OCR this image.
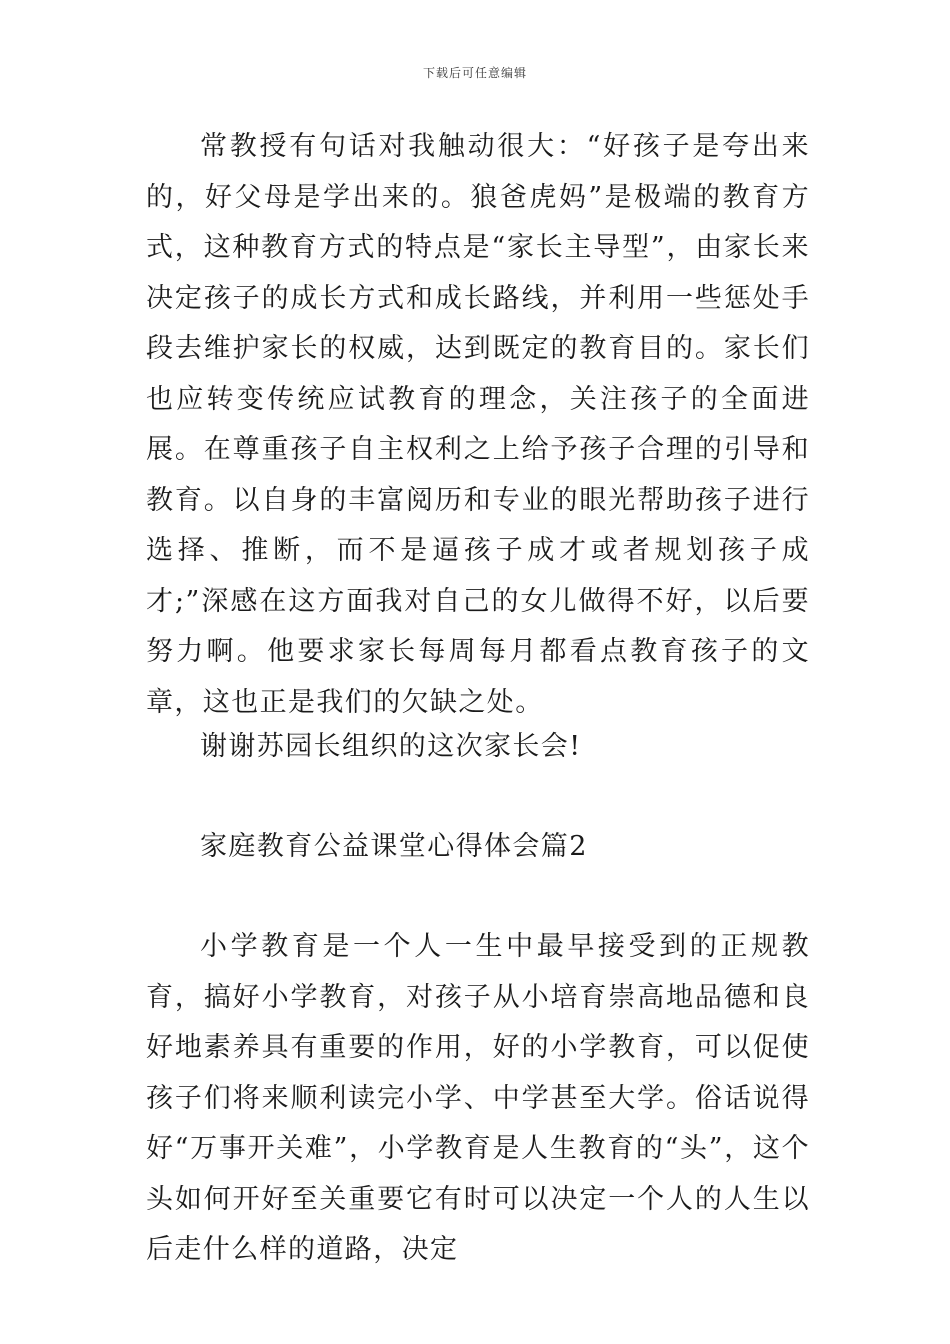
下载后可任意编辑

常教授有句话对我触动很大：“好孩子是夸出来的，好父母是学出来的。狼爸虎妈”是极端的教育方式，这种教育方式的特点是“家长主导型”，由家长来决定孩子的成长方式和成长路线，并利用一些惩处手段去维护家长的权威，达到既定的教育目的。家长们也应转变传统应试教育的理念，关注孩子的全面进展。在尊重孩子自主权利之上给予孩子合理的引导和教育。以自身的丰富阅历和专业的眼光帮助孩子进行选择、推断，而不是逼孩子成才或者规划孩子成才;”深感在这方面我对自己的女儿做得不好，以后要努力啊。他要求家长每周每月都看点教育孩子的文章，这也正是我们的欠缺之处。

谢谢苏园长组织的这次家长会!

家庭教育公益课堂心得体会篇2

小学教育是一个人一生中最早接受到的正规教育，搞好小学教育，对孩子从小培育崇高地品德和良好地素养具有重要的作用，好的小学教育，可以促使孩子们将来顺利读完小学、中学甚至大学。俗话说得好“万事开关难”，小学教育是人生教育的“头”，这个头如何开好至关重要它有时可以决定一个人的人生以后走什么样的道路，决定
